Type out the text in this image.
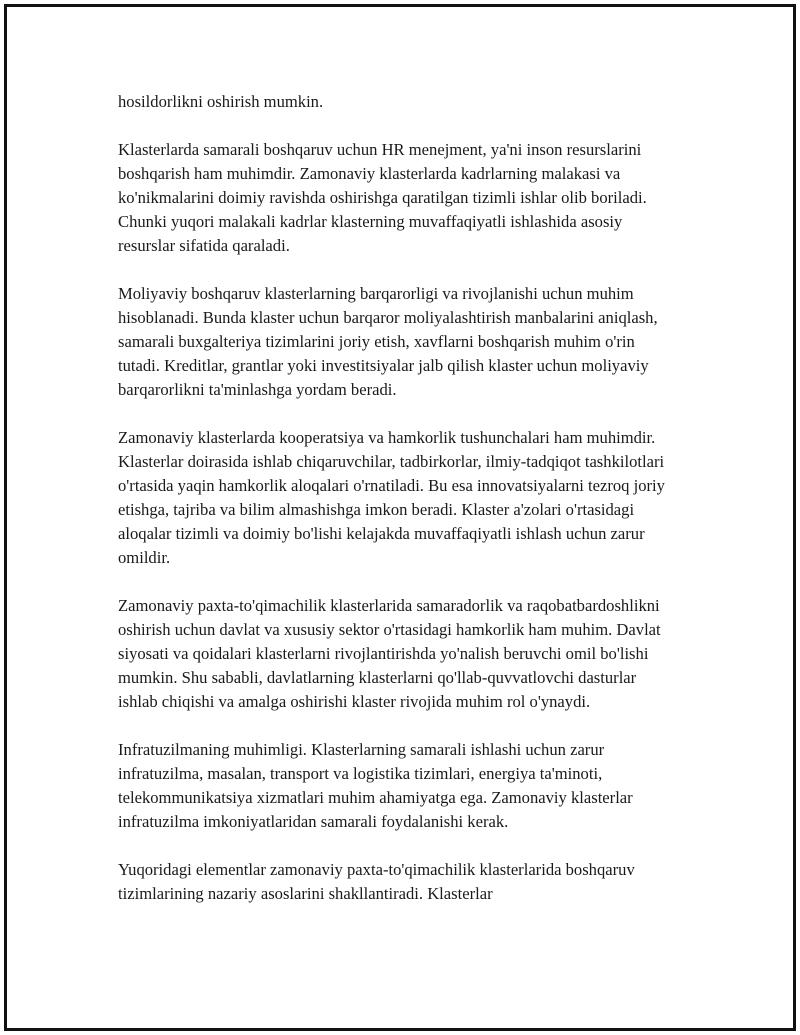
hosildorlikni oshirish mumkin.

Klasterlarda samarali boshqaruv uchun HR menejment, ya'ni inson resurslarini boshqarish ham muhimdir. Zamonaviy klasterlarda kadrlarning malakasi va ko'nikmalarini doimiy ravishda oshirishga qaratilgan tizimli ishlar olib boriladi. Chunki yuqori malakali kadrlar klasterning muvaffaqiyatli ishlashida asosiy resurslar sifatida qaraladi.

Moliyaviy boshqaruv klasterlarning barqarorligi va rivojlanishi uchun muhim hisoblanadi. Bunda klaster uchun barqaror moliyalashtirish manbalarini aniqlash, samarali buxgalteriya tizimlarini joriy etish, xavflarni boshqarish muhim o'rin tutadi. Kreditlar, grantlar yoki investitsiyalar jalb qilish klaster uchun moliyaviy barqarorlikni ta'minlashga yordam beradi.

Zamonaviy klasterlarda kooperatsiya va hamkorlik tushunchalari ham muhimdir. Klasterlar doirasida ishlab chiqaruvchilar, tadbirkorlar, ilmiy-tadqiqot tashkilotlari o'rtasida yaqin hamkorlik aloqalari o'rnatiladi. Bu esa innovatsiyalarni tezroq joriy etishga, tajriba va bilim almashishga imkon beradi. Klaster a'zolari o'rtasidagi aloqalar tizimli va doimiy bo'lishi kelajakda muvaffaqiyatli ishlash uchun zarur omildir.

Zamonaviy paxta-to'qimachilik klasterlarida samaradorlik va raqobatbardoshlikni oshirish uchun davlat va xususiy sektor o'rtasidagi hamkorlik ham muhim. Davlat siyosati va qoidalari klasterlarni rivojlantirishda yo'nalish beruvchi omil bo'lishi mumkin. Shu sababli, davlatlarning klasterlarni qo'llab-quvvatlovchi dasturlar ishlab chiqishi va amalga oshirishi klaster rivojida muhim rol o'ynaydi.

Infratuzilmaning muhimligi. Klasterlarning samarali ishlashi uchun zarur infratuzilma, masalan, transport va logistika tizimlari, energiya ta'minoti, telekommunikatsiya xizmatlari muhim ahamiyatga ega. Zamonaviy klasterlar infratuzilma imkoniyatlaridan samarali foydalanishi kerak.

Yuqoridagi elementlar zamonaviy paxta-to'qimachilik klasterlarida boshqaruv tizimlarining nazariy asoslarini shakllantiradi. Klasterlar
